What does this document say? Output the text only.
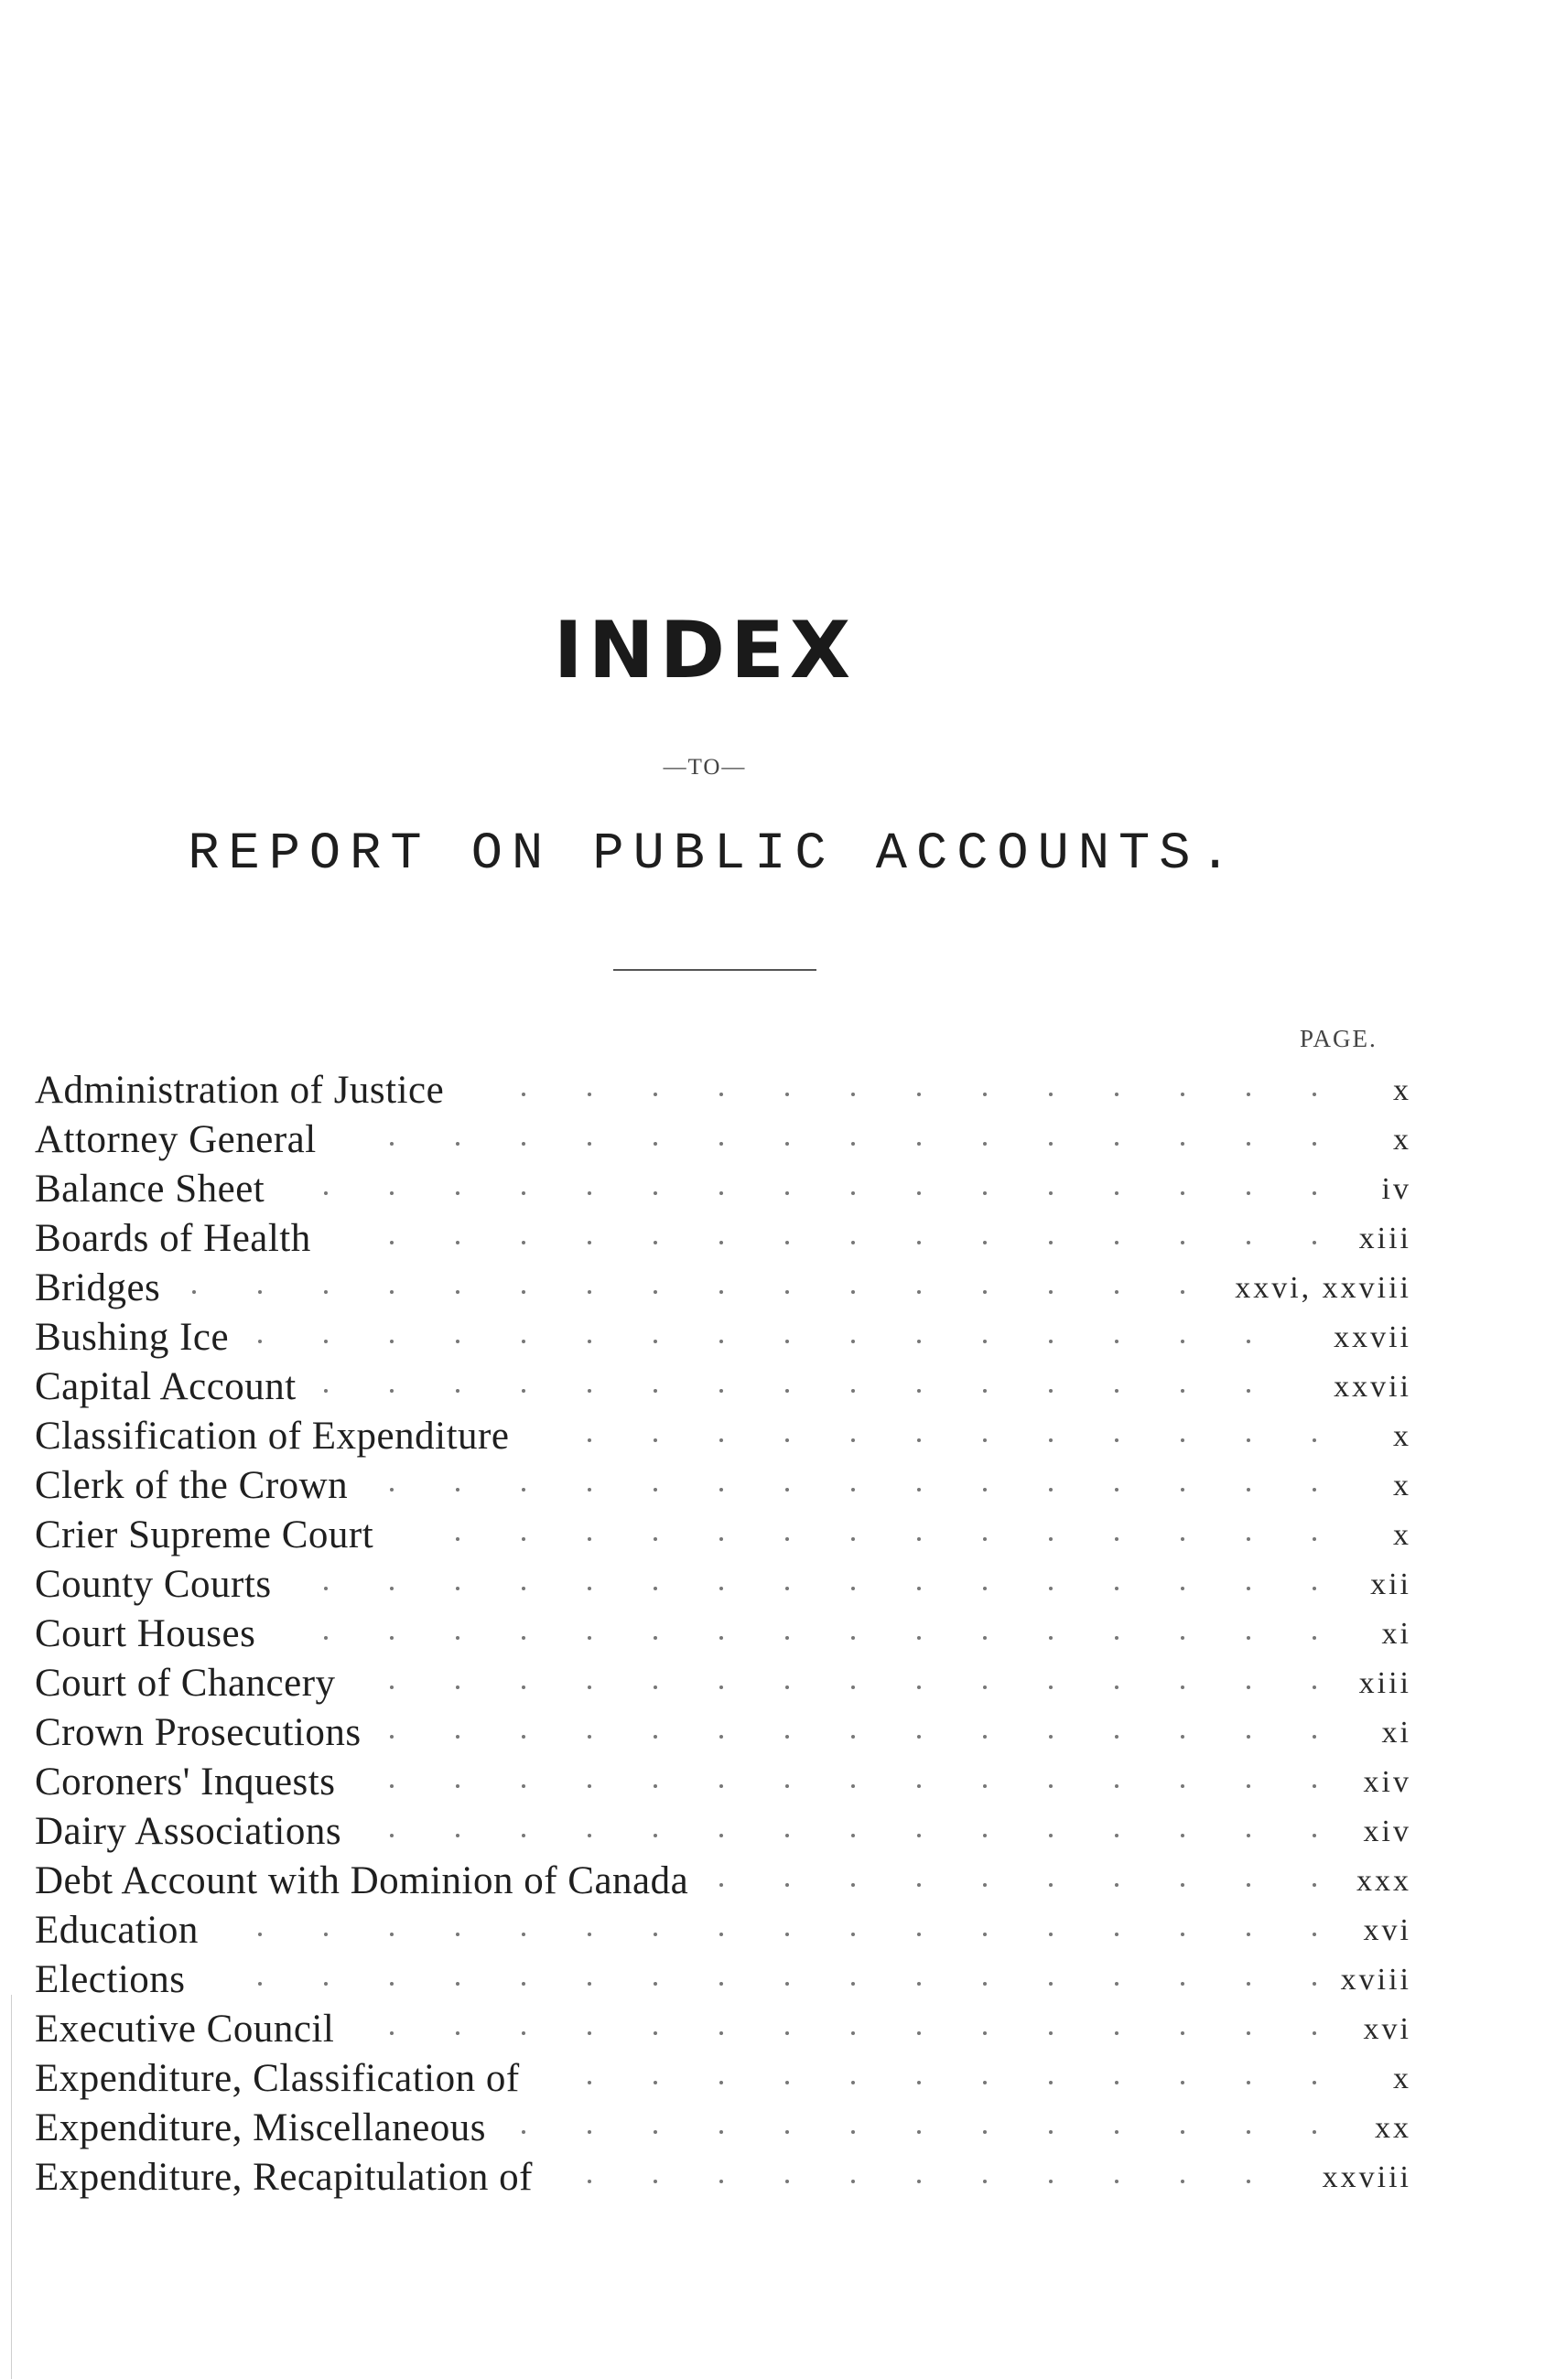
INDEX
—TO—
REPORT ON PUBLIC ACCOUNTS.
PAGE.
Administration of Justice	x
Attorney General	x
Balance Sheet	iv
Boards of Health	xiii
Bridges	xxvi, xxviii
Bushing Ice	xxvii
Capital Account	xxvii
Classification of Expenditure	x
Clerk of the Crown	x
Crier Supreme Court	x
County Courts	xii
Court Houses	xi
Court of Chancery	xiii
Crown Prosecutions	xi
Coroners' Inquests	xiv
Dairy Associations	xiv
Debt Account with Dominion of Canada	xxx
Education	xvi
Elections	xviii
Executive Council	xvi
Expenditure, Classification of	x
Expenditure, Miscellaneous	xx
Expenditure, Recapitulation of	xxviii
